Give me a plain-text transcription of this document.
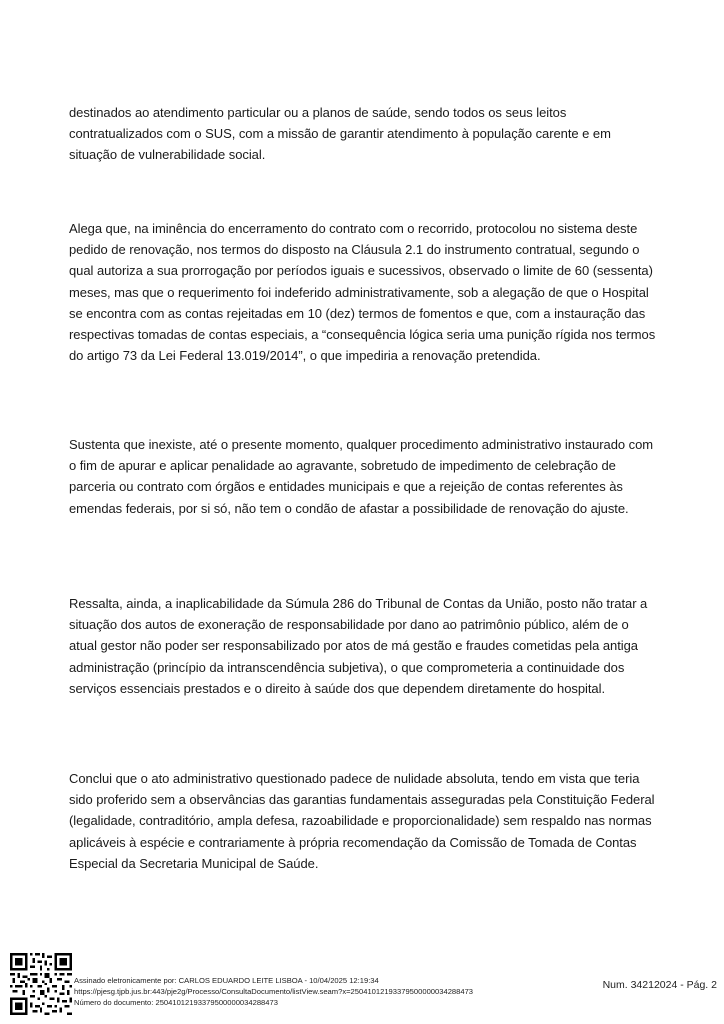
destinados ao atendimento particular ou a planos de saúde, sendo todos os seus leitos contratualizados com o SUS, com a missão de garantir atendimento à população carente e em situação de vulnerabilidade social.

Alega que, na iminência do encerramento do contrato com o recorrido, protocolou no sistema deste pedido de renovação, nos termos do disposto na Cláusula 2.1 do instrumento contratual, segundo o qual autoriza a sua prorrogação por períodos iguais e sucessivos, observado o limite de 60 (sessenta) meses, mas que o requerimento foi indeferido administrativamente, sob a alegação de que o Hospital se encontra com as contas rejeitadas em 10 (dez) termos de fomentos e que, com a instauração das respectivas tomadas de contas especiais, a “consequência lógica seria uma punição rígida nos termos do artigo 73 da Lei Federal 13.019/2014”, o que impediria a renovação pretendida.

Sustenta que inexiste, até o presente momento, qualquer procedimento administrativo instaurado com o fim de apurar e aplicar penalidade ao agravante, sobretudo de impedimento de celebração de parceria ou contrato com órgãos e entidades municipais e que a rejeição de contas referentes às emendas federais, por si só, não tem o condão de afastar a possibilidade de renovação do ajuste.

Ressalta, ainda, a inaplicabilidade da Súmula 286 do Tribunal de Contas da União, posto não tratar a situação dos autos de exoneração de responsabilidade por dano ao patrimônio público, além de o atual gestor não poder ser responsabilizado por atos de má gestão e fraudes cometidas pela antiga administração (princípio da intranscendência subjetiva), o que comprometeria a continuidade dos serviços essenciais prestados e o direito à saúde dos que dependem diretamente do hospital.

Conclui que o ato administrativo questionado padece de nulidade absoluta, tendo em vista que teria sido proferido sem a observâncias das garantias fundamentais asseguradas pela Constituição Federal (legalidade, contraditório, ampla defesa, razoabilidade e proporcionalidade) sem respaldo nas normas aplicáveis à espécie e contrariamente à própria recomendação da Comissão de Tomada de Contas Especial da Secretaria Municipal de Saúde.

Assinado eletronicamente por: CARLOS EDUARDO LEITE LISBOA - 10/04/2025 12:19:34
https://pjesg.tjpb.jus.br:443/pje2g/Processo/ConsultaDocumento/listView.seam?x=25041012193379500000034288473
Número do documento: 25041012193379500000034288473
Num. 34212024 - Pág. 2
